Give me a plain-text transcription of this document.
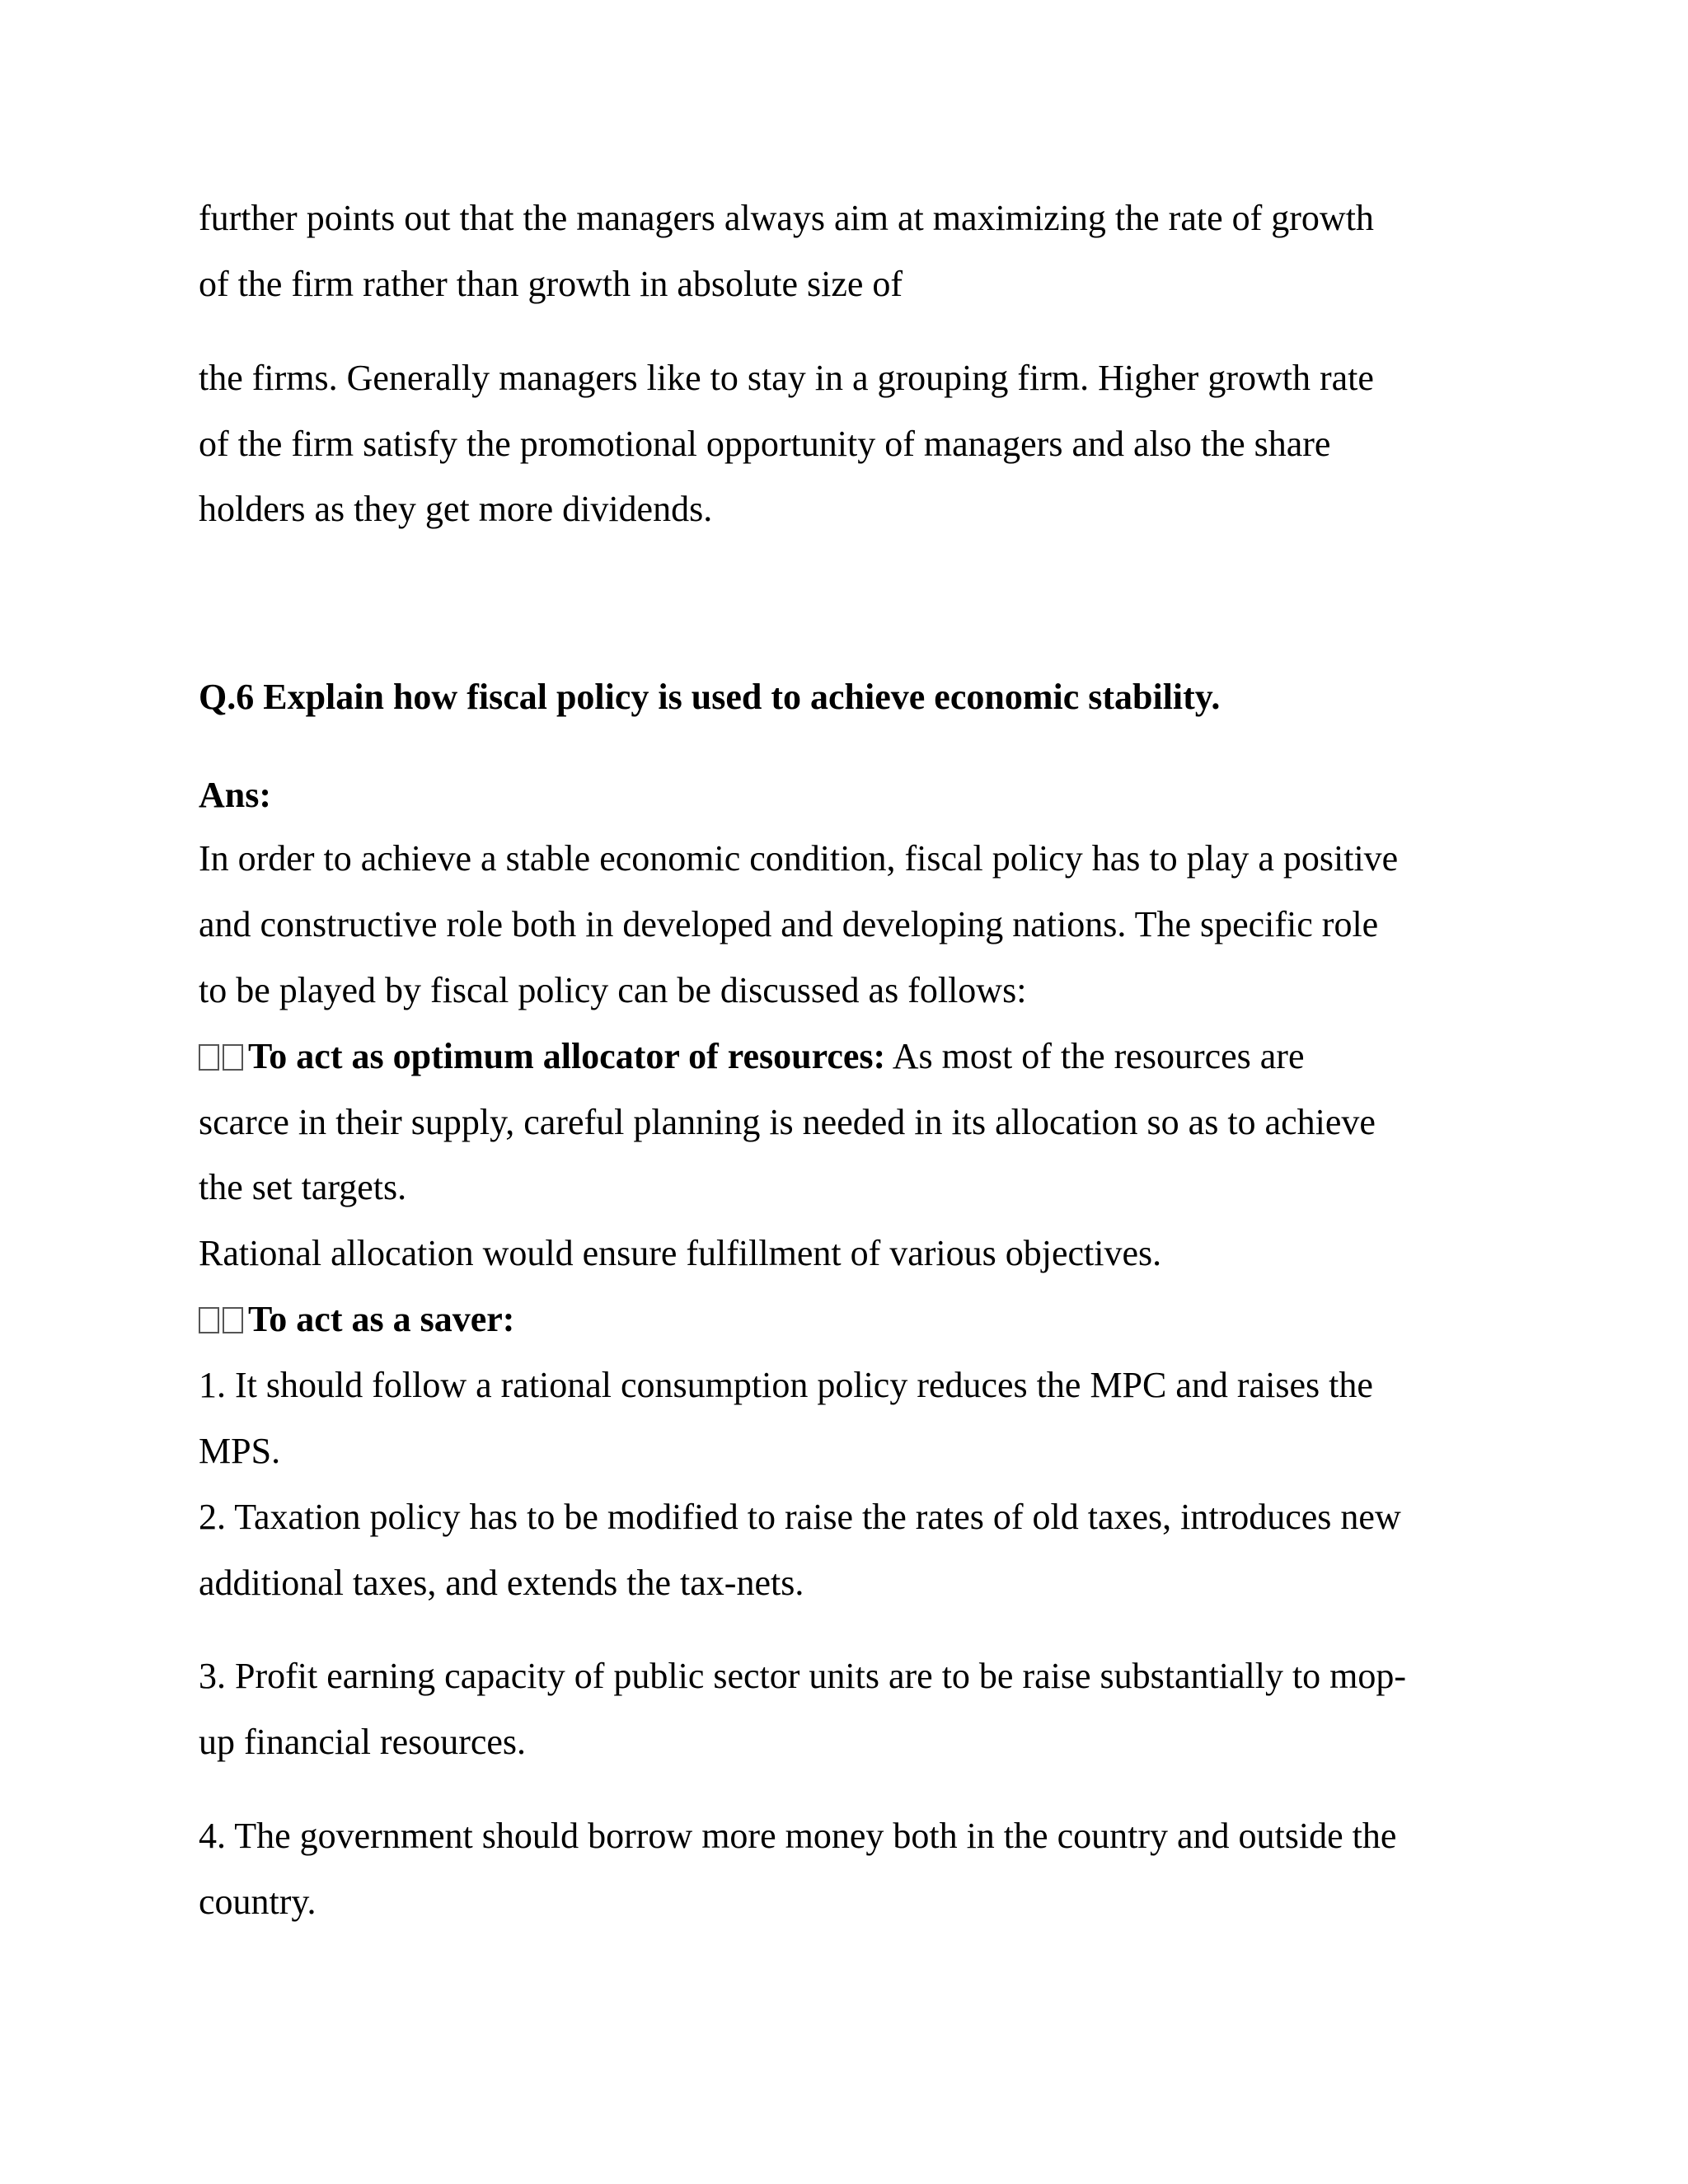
further points out that the managers always aim at maximizing the rate of growth

of the firm rather than growth in absolute size of

the firms. Generally managers like to stay in a grouping firm. Higher growth rate

of the firm satisfy the promotional opportunity of managers and also the share

holders as they get more dividends.

Q.6 Explain how fiscal policy is used to achieve economic stability.

Ans:

In order to achieve a stable economic condition, fiscal policy has to play a positive

and constructive role both in developed and developing nations. The specific role

to be played by fiscal policy can be discussed as follows:

To act as optimum allocator of resources: As most of the resources are

scarce in their supply, careful planning is needed in its allocation so as to achieve

the set targets.

Rational allocation would ensure fulfillment of various objectives.

To act as a saver:

1. It should follow a rational consumption policy reduces the MPC and raises the

MPS.

2. Taxation policy has to be modified to raise the rates of old taxes, introduces new

additional taxes, and extends the tax-nets.

3. Profit earning capacity of public sector units are to be raise substantially to mop-

up financial resources.

4. The government should borrow more money both in the country and outside the

country.
